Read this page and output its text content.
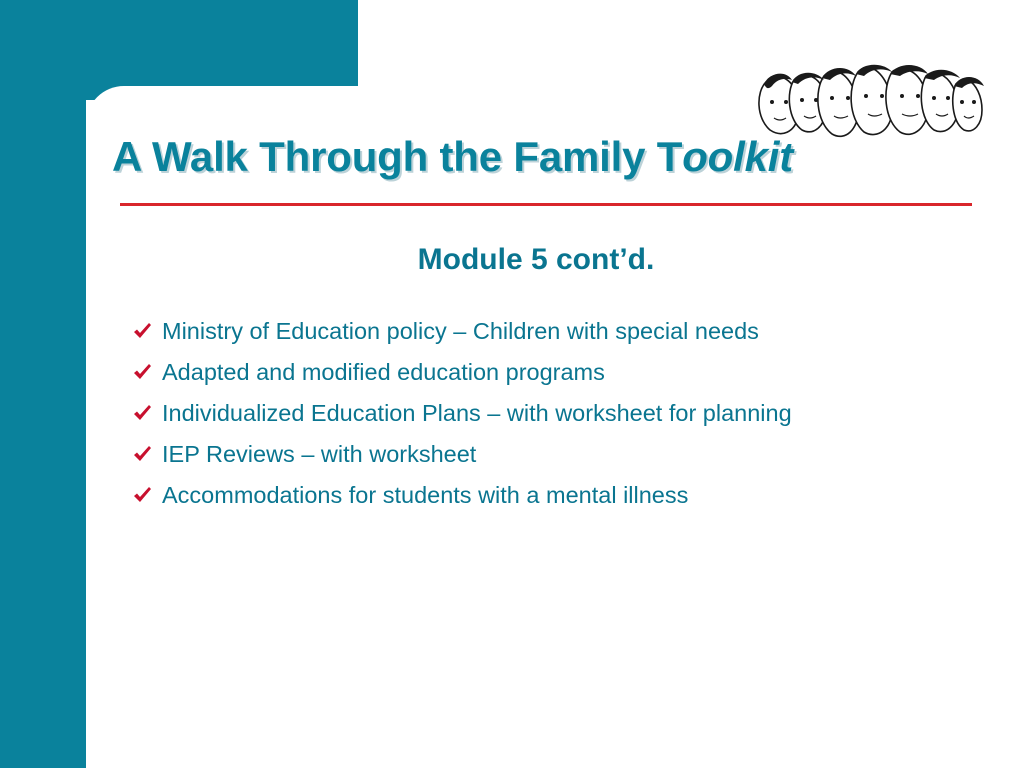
A Walk Through the Family Toolkit
Module 5 cont’d.
Ministry of Education policy – Children with special needs
Adapted and modified education programs
Individualized Education Plans – with worksheet for planning
IEP Reviews – with worksheet
Accommodations for students with a mental illness
